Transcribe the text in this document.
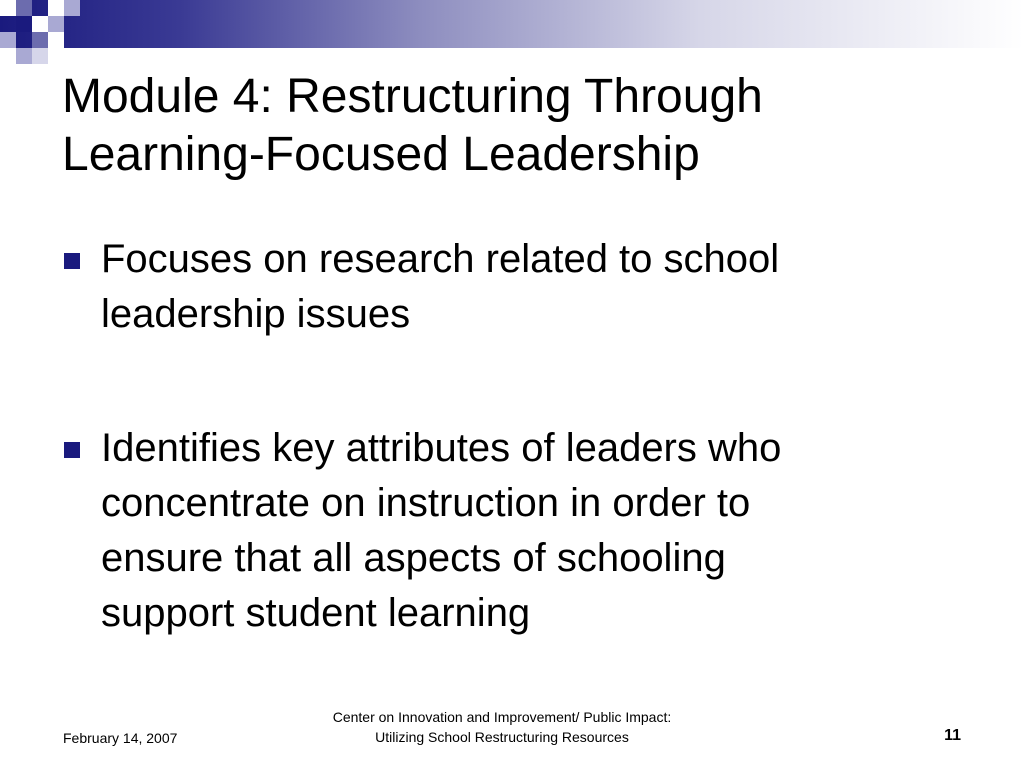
Module 4: Restructuring Through
Learning-Focused Leadership
Focuses on research related to school
leadership issues
Identifies key attributes of leaders who
concentrate on instruction in order to
ensure that all aspects of schooling
support student learning
February 14, 2007
Center on Innovation and Improvement/ Public Impact:
Utilizing School Restructuring Resources	11
